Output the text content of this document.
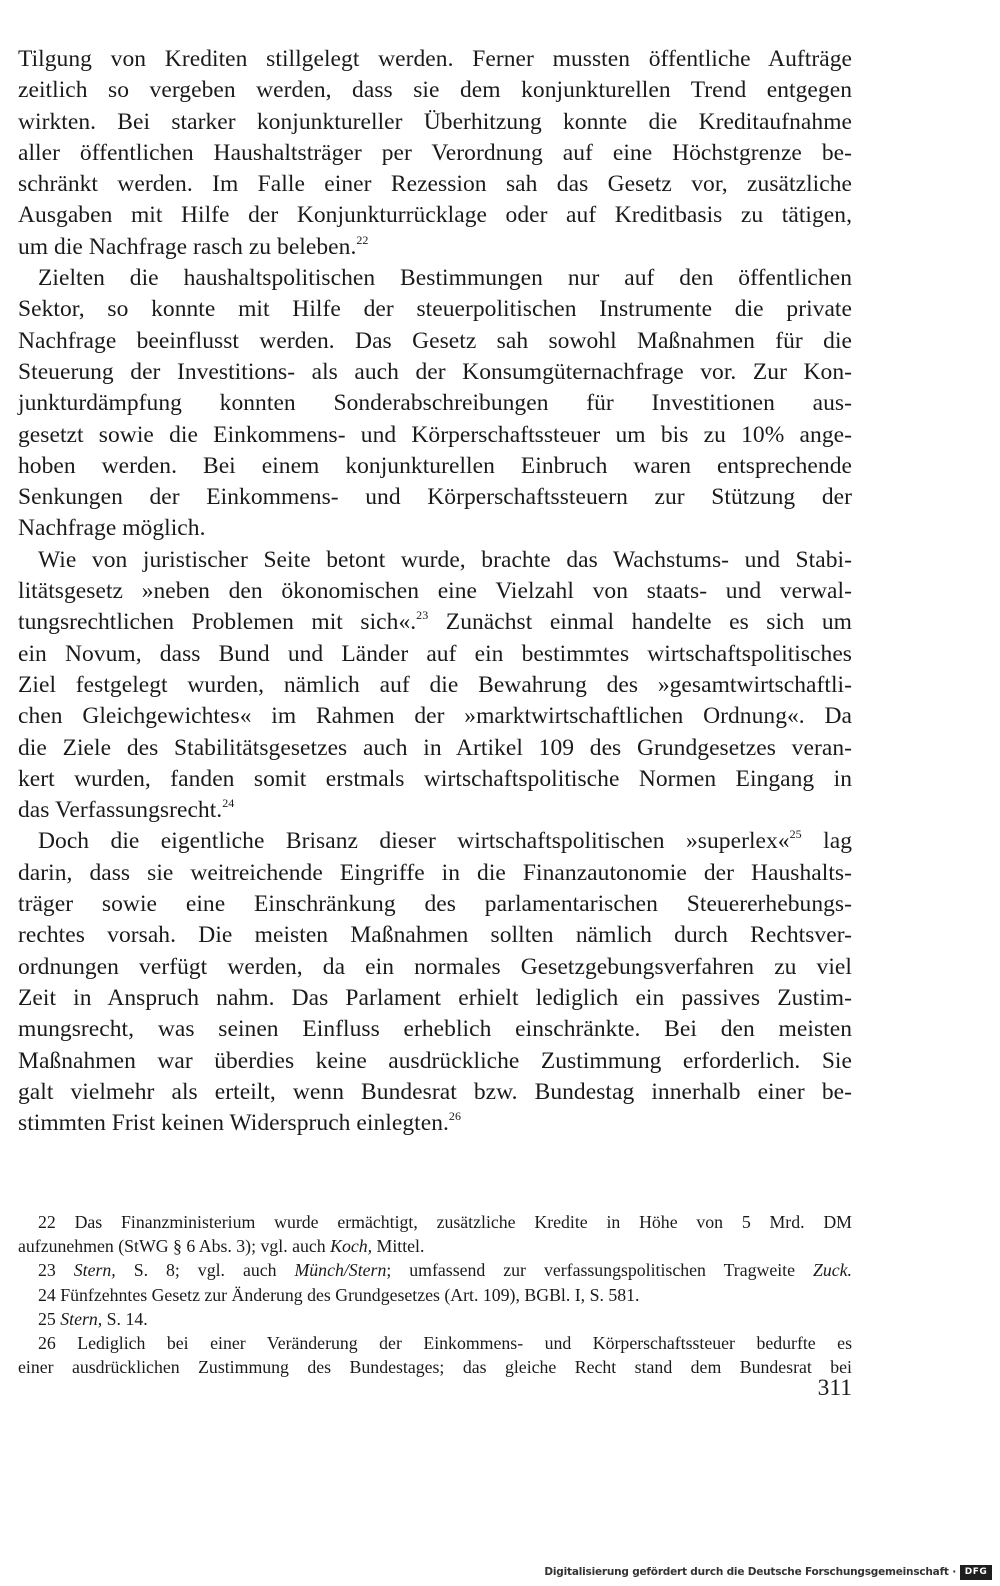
Tilgung von Krediten stillgelegt werden. Ferner mussten öffentliche Aufträge
zeitlich so vergeben werden, dass sie dem konjunkturellen Trend entgegen
wirkten. Bei starker konjunktureller Überhitzung konnte die Kreditaufnahme
aller öffentlichen Haushaltsträger per Verordnung auf eine Höchstgrenze be-
schränkt werden. Im Falle einer Rezession sah das Gesetz vor, zusätzliche
Ausgaben mit Hilfe der Konjunkturrücklage oder auf Kreditbasis zu tätigen,
um die Nachfrage rasch zu beleben.$^{22}$
Zielten die haushaltspolitischen Bestimmungen nur auf den öffentlichen
Sektor, so konnte mit Hilfe der steuerpolitischen Instrumente die private
Nachfrage beeinflusst werden. Das Gesetz sah sowohl Maßnahmen für die
Steuerung der Investitions- als auch der Konsumgüternachfrage vor. Zur Kon-
junkturdämpfung konnten Sonderabschreibungen für Investitionen aus-
gesetzt sowie die Einkommens- und Körperschaftssteuer um bis zu 10% ange-
hoben werden. Bei einem konjunkturellen Einbruch waren entsprechende
Senkungen der Einkommens- und Körperschaftssteuern zur Stützung der
Nachfrage möglich.
Wie von juristischer Seite betont wurde, brachte das Wachstums- und Stabi-
litätsgesetz »neben den ökonomischen eine Vielzahl von staats- und verwal-
tungsrechtlichen Problemen mit sich«.$^{23}$ Zunächst einmal handelte es sich um
ein Novum, dass Bund und Länder auf ein bestimmtes wirtschaftspolitisches
Ziel festgelegt wurden, nämlich auf die Bewahrung des »gesamtwirtschaftli-
chen Gleichgewichtes« im Rahmen der »marktwirtschaftlichen Ordnung«. Da
die Ziele des Stabilitätsgesetzes auch in Artikel 109 des Grundgesetzes veran-
kert wurden, fanden somit erstmals wirtschaftspolitische Normen Eingang in
das Verfassungsrecht.$^{24}$
Doch die eigentliche Brisanz dieser wirtschaftspolitischen »superlex«$^{25}$ lag
darin, dass sie weitreichende Eingriffe in die Finanzautonomie der Haushalts-
träger sowie eine Einschränkung des parlamentarischen Steuererhebungs-
rechtes vorsah. Die meisten Maßnahmen sollten nämlich durch Rechtsver-
ordnungen verfügt werden, da ein normales Gesetzgebungsverfahren zu viel
Zeit in Anspruch nahm. Das Parlament erhielt lediglich ein passives Zustim-
mungsrecht, was seinen Einfluss erheblich einschränkte. Bei den meisten
Maßnahmen war überdies keine ausdrückliche Zustimmung erforderlich. Sie
galt vielmehr als erteilt, wenn Bundesrat bzw. Bundestag innerhalb einer be-
stimmten Frist keinen Widerspruch einlegten.$^{26}$
22 Das Finanzministerium wurde ermächtigt, zusätzliche Kredite in Höhe von 5 Mrd. DM
aufzunehmen (StWG § 6 Abs. 3); vgl. auch Koch, Mittel.
23 Stern, S. 8; vgl. auch Münch/Stern; umfassend zur verfassungspolitischen Tragweite Zuck.
24 Fünfzehntes Gesetz zur Änderung des Grundgesetzes (Art. 109), BGBl. I, S. 581.
25 Stern, S. 14.
26 Lediglich bei einer Veränderung der Einkommens- und Körperschaftssteuer bedurfte es
einer ausdrücklichen Zustimmung des Bundestages; das gleiche Recht stand dem Bundesrat bei
311
Digitalisierung gefördert durch die Deutsche Forschungsgemeinschaft · DFG
